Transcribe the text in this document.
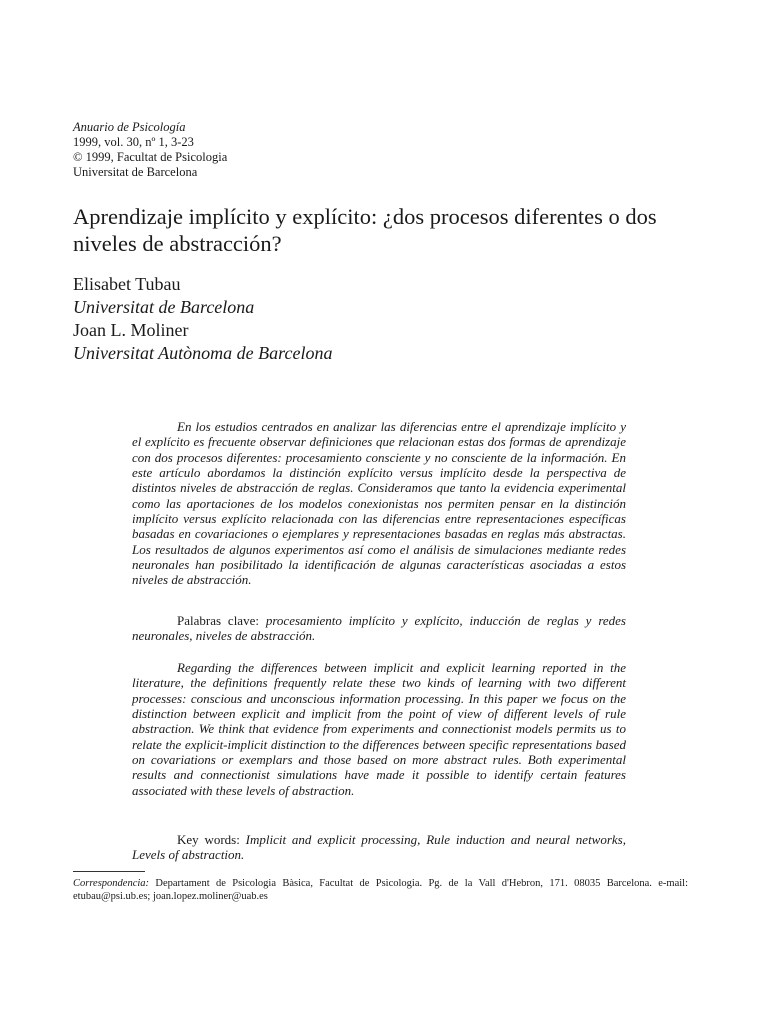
Anuario de Psicología
1999, vol. 30, nº 1, 3-23
© 1999, Facultat de Psicologia
Universitat de Barcelona
Aprendizaje implícito y explícito: ¿dos procesos diferentes o dos niveles de abstracción?
Elisabet Tubau
Universitat de Barcelona
Joan L. Moliner
Universitat Autònoma de Barcelona

En los estudios centrados en analizar las diferencias entre el aprendizaje implícito y el explícito es frecuente observar definiciones que relacionan estas dos formas de aprendizaje con dos procesos diferentes: procesamiento consciente y no consciente de la información. En este artículo abordamos la distinción explícito versus implícito desde la perspectiva de distintos niveles de abstracción de reglas. Consideramos que tanto la evidencia experimental como las aportaciones de los modelos conexionistas nos permiten pensar en la distinción implícito versus explícito relacionada con las diferencias entre representaciones específicas basadas en covariaciones o ejemplares y representaciones basadas en reglas más abstractas. Los resultados de algunos experimentos así como el análisis de simulaciones mediante redes neuronales han posibilitado la identificación de algunas características asociadas a estos niveles de abstracción.

Palabras clave: procesamiento implícito y explícito, inducción de reglas y redes neuronales, niveles de abstracción.

Regarding the differences between implicit and explicit learning reported in the literature, the definitions frequently relate these two kinds of learning with two different processes: conscious and unconscious information processing. In this paper we focus on the distinction between explicit and implicit from the point of view of different levels of rule abstraction. We think that evidence from experiments and connectionist models permits us to relate the explicit-implicit distinction to the differences between specific representations based on covariations or exemplars and those based on more abstract rules. Both experimental results and connectionist simulations have made it possible to identify certain features associated with these levels of abstraction.

Key words: Implicit and explicit processing, Rule induction and neural networks, Levels of abstraction.

Correspondencia: Departament de Psicologia Bàsica, Facultat de Psicologia. Pg. de la Vall d'Hebron, 171. 08035 Barcelona. e-mail: etubau@psi.ub.es; joan.lopez.moliner@uab.es
